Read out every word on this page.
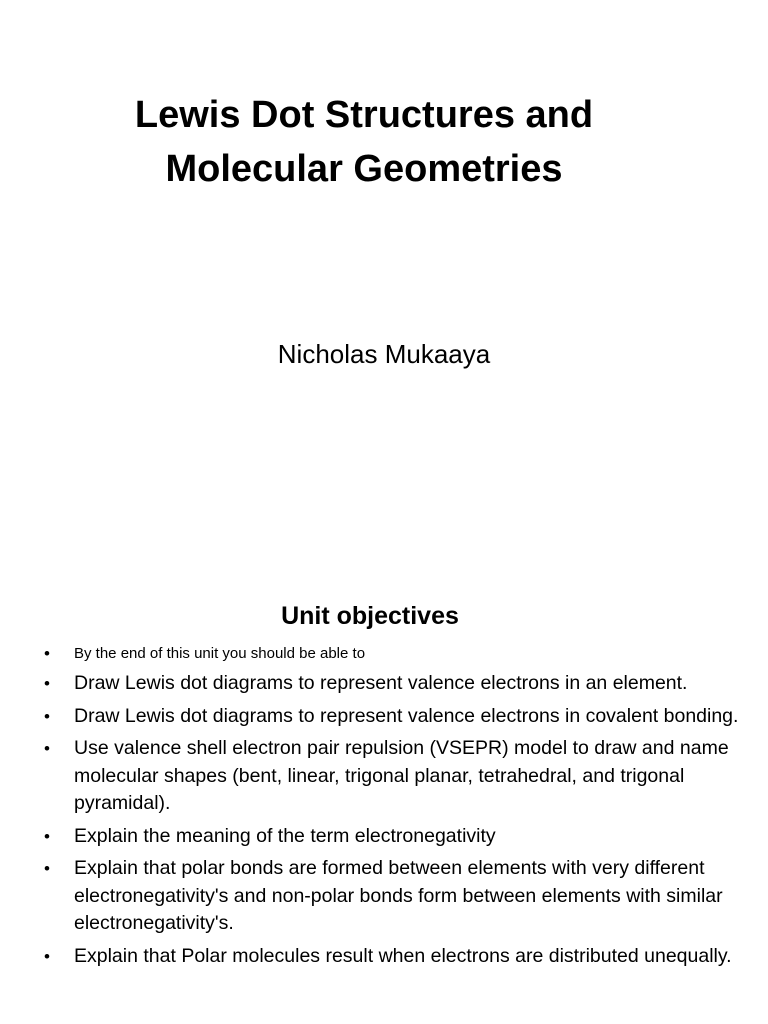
Lewis Dot Structures and
Molecular Geometries
Nicholas Mukaaya
Unit objectives
• By the end of this unit you should be able to
• Draw Lewis dot diagrams to represent valence electrons in an element.
• Draw Lewis dot diagrams to represent valence electrons in covalent bonding.
• Use valence shell electron pair repulsion (VSEPR) model to draw and name molecular shapes (bent, linear, trigonal planar, tetrahedral, and trigonal pyramidal).
• Explain the meaning of the term electronegativity
• Explain that polar bonds are formed between elements with very different electronegativity's and non-polar bonds form between elements with similar electronegativity's.
• Explain that Polar molecules result when electrons are distributed unequally.
